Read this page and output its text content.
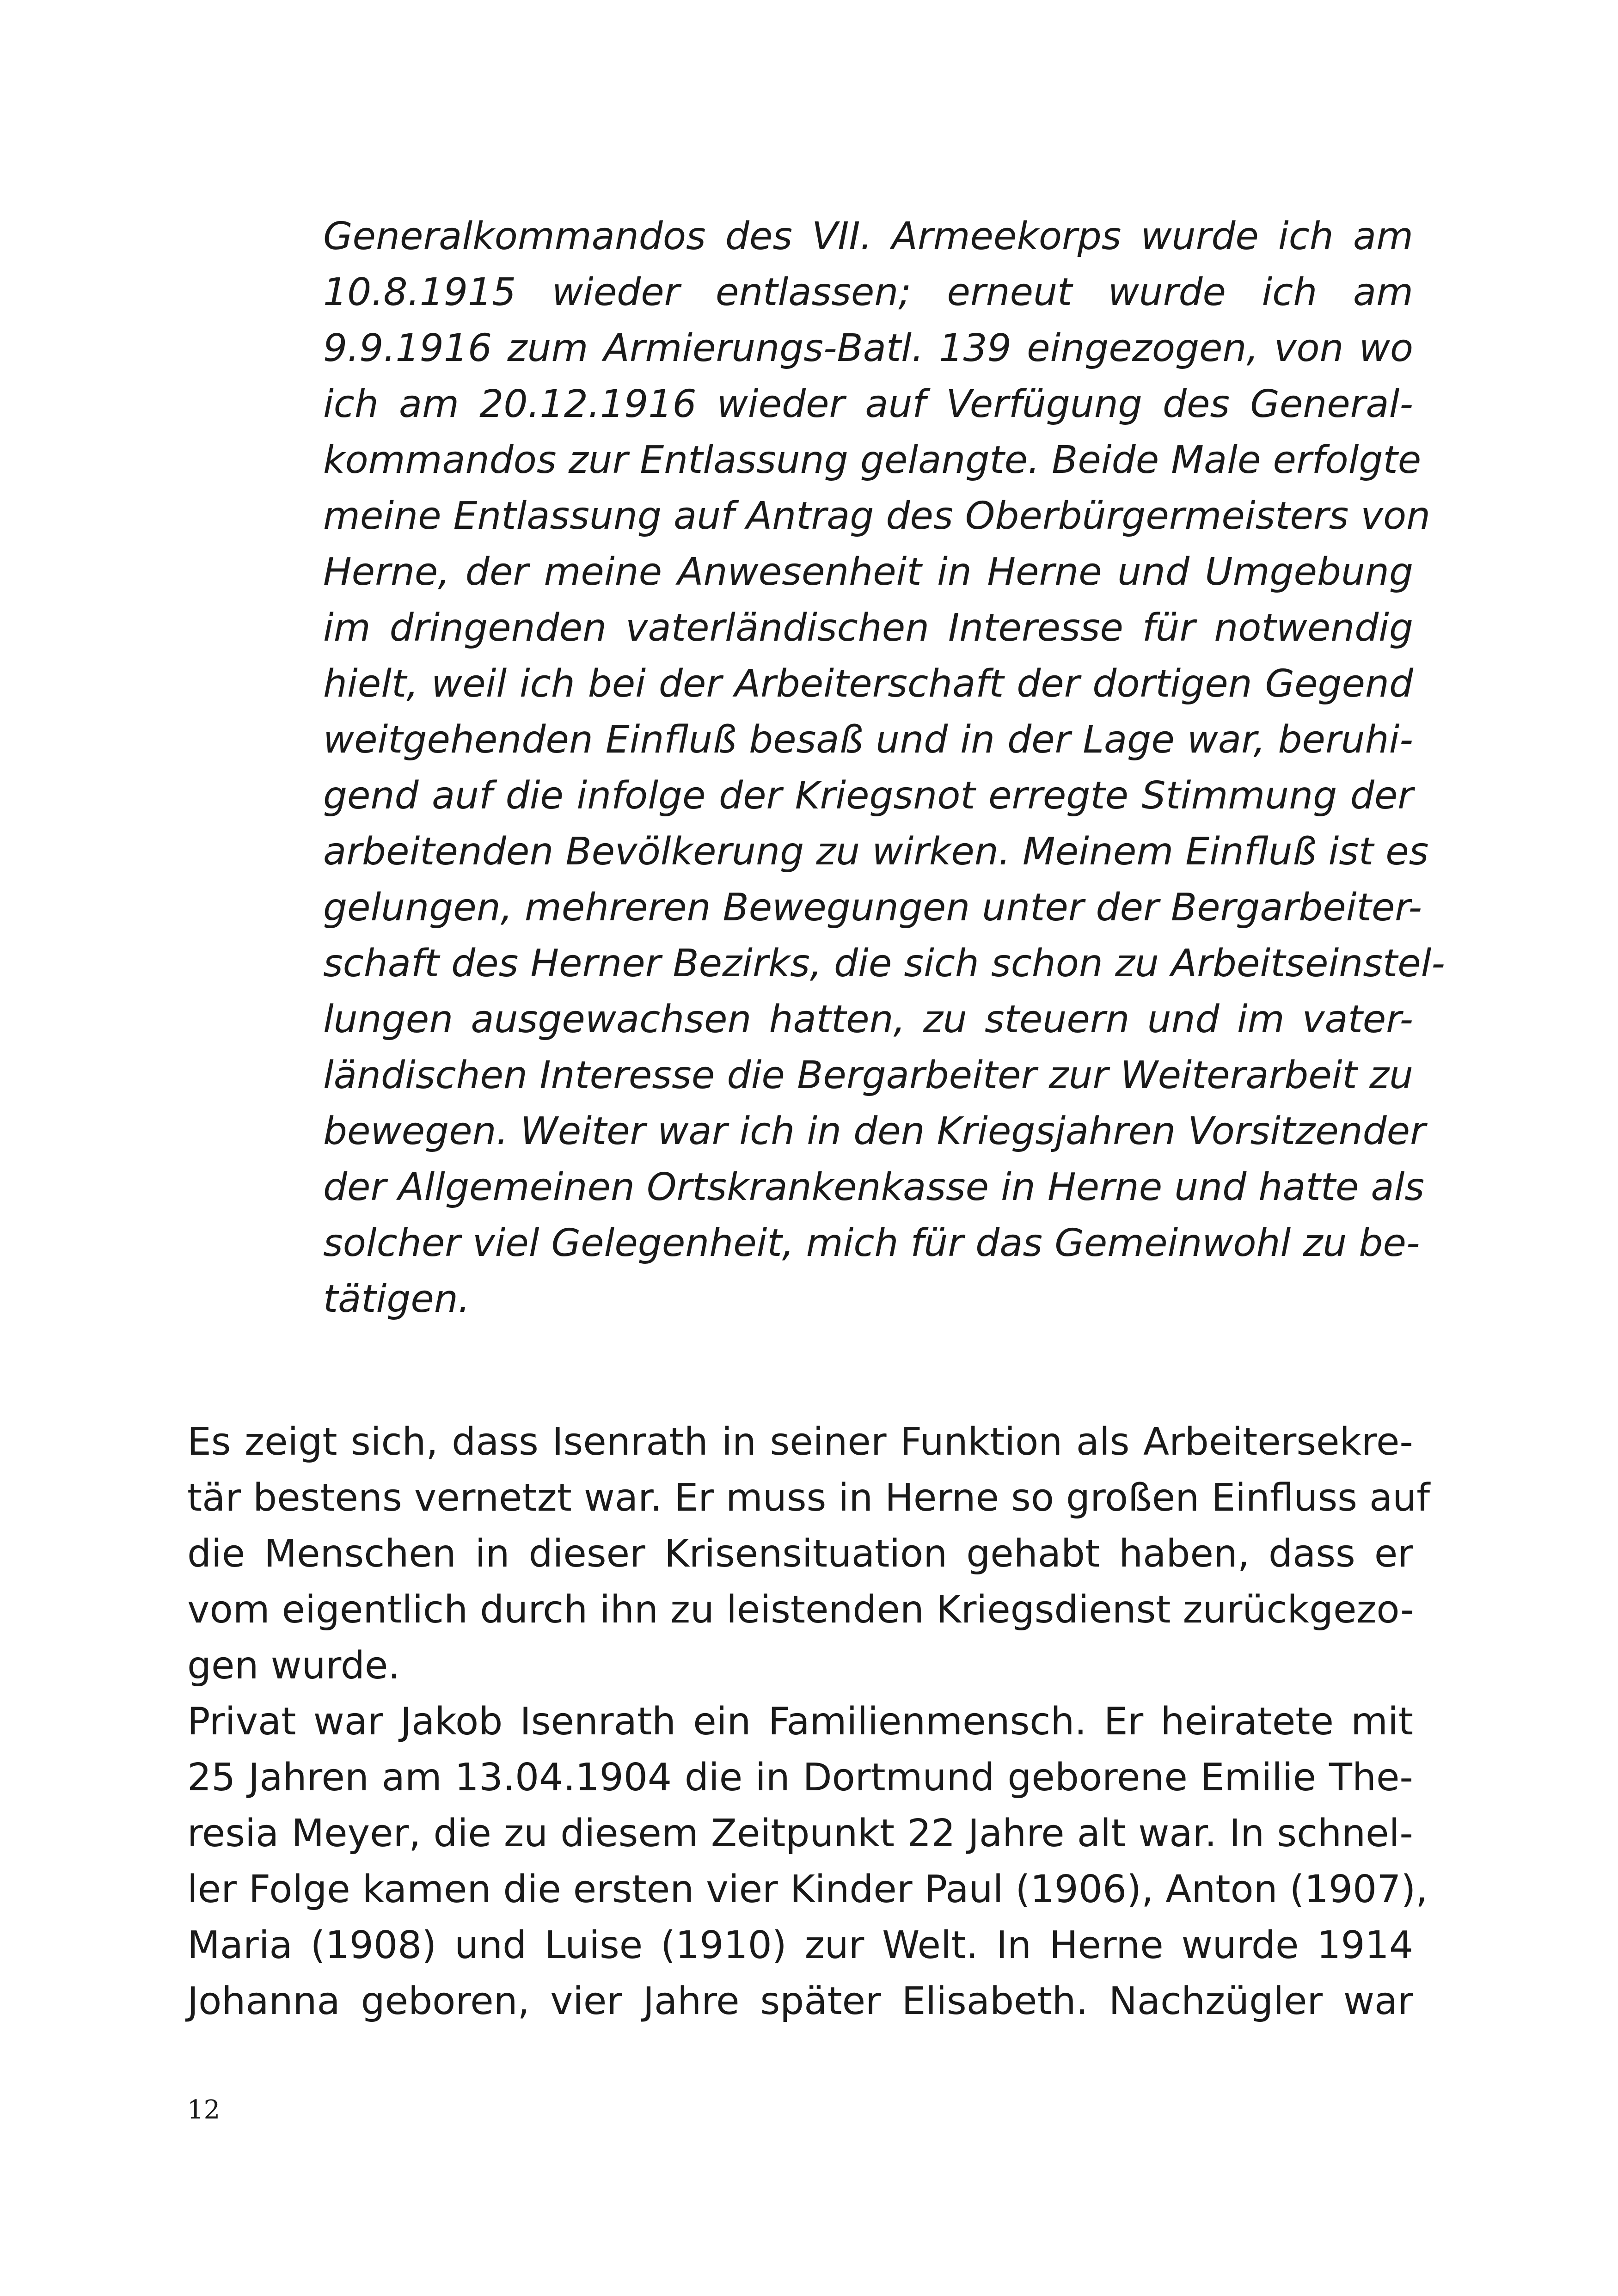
Generalkommandos des VII. Armeekorps wurde ich am
10.8.1915 wieder entlassen; erneut wurde ich am
9.9.1916 zum Armierungs-Batl. 139 eingezogen, von wo
ich am 20.12.1916 wieder auf Verfügung des General-
kommandos zur Entlassung gelangte. Beide Male erfolgte
meine Entlassung auf Antrag des Oberbürgermeisters von
Herne, der meine Anwesenheit in Herne und Umgebung
im dringenden vaterländischen Interesse für notwendig
hielt, weil ich bei der Arbeiterschaft der dortigen Gegend
weitgehenden Einfluß besaß und in der Lage war, beruhi-
gend auf die infolge der Kriegsnot erregte Stimmung der
arbeitenden Bevölkerung zu wirken. Meinem Einfluß ist es
gelungen, mehreren Bewegungen unter der Bergarbeiter-
schaft des Herner Bezirks, die sich schon zu Arbeitseinstel-
lungen ausgewachsen hatten, zu steuern und im vater-
ländischen Interesse die Bergarbeiter zur Weiterarbeit zu
bewegen. Weiter war ich in den Kriegsjahren Vorsitzender
der Allgemeinen Ortskrankenkasse in Herne und hatte als
solcher viel Gelegenheit, mich für das Gemeinwohl zu be-
tätigen.
Es zeigt sich, dass Isenrath in seiner Funktion als Arbeitersekre-
tär bestens vernetzt war. Er muss in Herne so großen Einfluss auf
die Menschen in dieser Krisensituation gehabt haben, dass er
vom eigentlich durch ihn zu leistenden Kriegsdienst zurückgezo-
gen wurde.
Privat war Jakob Isenrath ein Familienmensch. Er heiratete mit
25 Jahren am 13.04.1904 die in Dortmund geborene Emilie The-
resia Meyer, die zu diesem Zeitpunkt 22 Jahre alt war. In schnel-
ler Folge kamen die ersten vier Kinder Paul (1906), Anton (1907),
Maria (1908) und Luise (1910) zur Welt. In Herne wurde 1914
Johanna geboren, vier Jahre später Elisabeth. Nachzügler war
12
